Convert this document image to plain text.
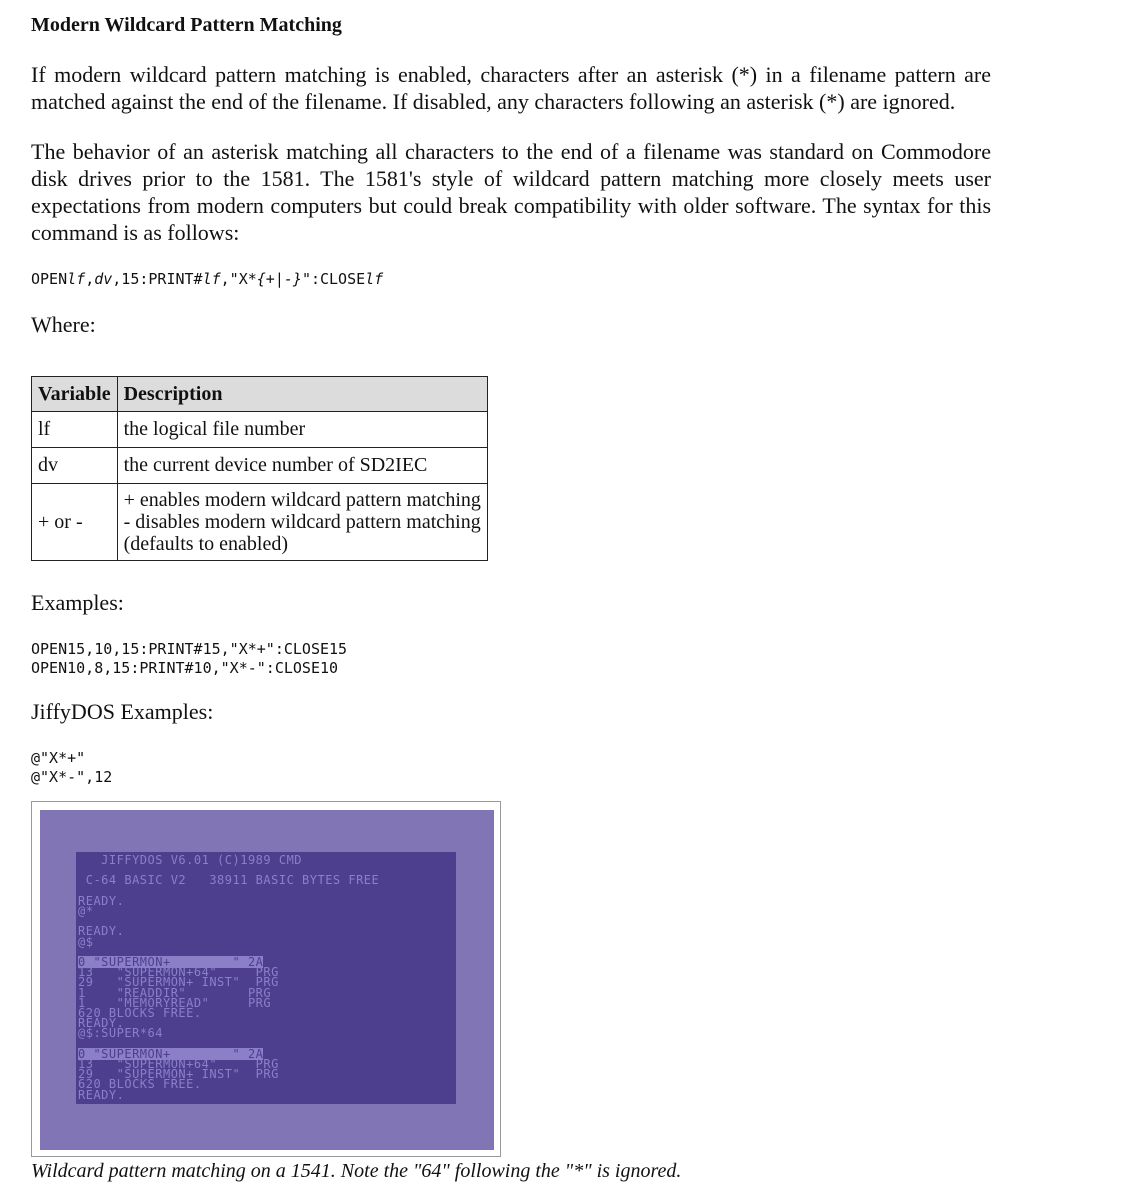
Modern Wildcard Pattern Matching

If modern wildcard pattern matching is enabled, characters after an asterisk (*) in a filename pattern are matched against the end of the filename. If disabled, any characters following an asterisk (*) are ignored.

The behavior of an asterisk matching all characters to the end of a filename was standard on Commodore disk drives prior to the 1581. The 1581's style of wildcard pattern matching more closely meets user expectations from modern computers but could break compatibility with older software. The syntax for this command is as follows:

OPENlf,dv,15:PRINT#lf,"X*{+|-}":CLOSElf

Where:

Variable	Description
lf	the logical file number
dv	the current device number of SD2IEC
+ or -	+ enables modern wildcard pattern matching
- disables modern wildcard pattern matching
(defaults to enabled)

Examples:

OPEN15,10,15:PRINT#15,"X*+":CLOSE15
OPEN10,8,15:PRINT#10,"X*-":CLOSE10

JiffyDOS Examples:

@"X*+"
@"X*-",12
JIFFYDOS V6.01 (C)1989 CMD
C-64 BASIC V2   38911 BASIC BYTES FREE
READY.
@*
READY.
@$
0 "SUPERMON+        " 2A
13   "SUPERMON+64"     PRG
29   "SUPERMON+ INST"  PRG
1    "READDIR"        PRG
1    "MEMORYREAD"     PRG
620 BLOCKS FREE.
READY.
@$:SUPER*64
0 "SUPERMON+        " 2A
13   "SUPERMON+64"     PRG
29   "SUPERMON+ INST"  PRG
620 BLOCKS FREE.
READY.

Wildcard pattern matching on a 1541. Note the "64" following the "*" is ignored.
